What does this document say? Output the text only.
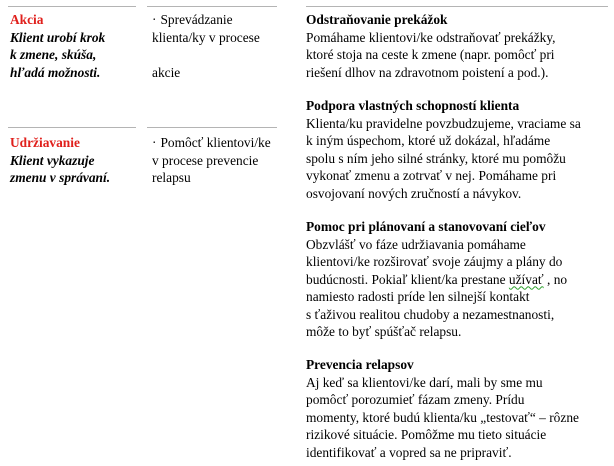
Akcia
Klient urobí krok
k zmene, skúša,
hľadá možnosti.
· Sprevádzanie
klienta/ky v procese
akcie
Udržiavanie
Klient vykazuje
zmenu v správaní.
· Pomôcť klientovi/ke
v procese prevencie
relapsu
Odstraňovanie prekážok
Pomáhame klientovi/ke odstraňovať prekážky,
ktoré stoja na ceste k zmene (napr. pomôcť pri
riešení dlhov na zdravotnom poistení a pod.).
Podpora vlastných schopností klienta
Klienta/ku pravidelne povzbudzujeme, vraciame sa
k iným úspechom, ktoré už dokázal, hľadáme
spolu s ním jeho silné stránky, ktoré mu pomôžu
vykonať zmenu a zotrvať v nej. Pomáhame pri
osvojovaní nových zručností a návykov.
Pomoc pri plánovaní a stanovovaní cieľov
Obzvlášť vo fáze udržiavania pomáhame
klientovi/ke rozširovať svoje záujmy a plány do
budúcnosti. Pokiaľ klient/ka prestane užívať , no
namiesto radosti príde len silnejší kontakt
s ťaživou realitou chudoby a nezamestnanosti,
môže to byť spúšťač relapsu.
Prevencia relapsov
Aj keď sa klientovi/ke darí, mali by sme mu
pomôcť porozumieť fázam zmeny. Prídu
momenty, ktoré budú klienta/ku „testovať“ – rôzne
rizikové situácie. Pomôžme mu tieto situácie
identifikovať a vopred sa ne pripraviť.
